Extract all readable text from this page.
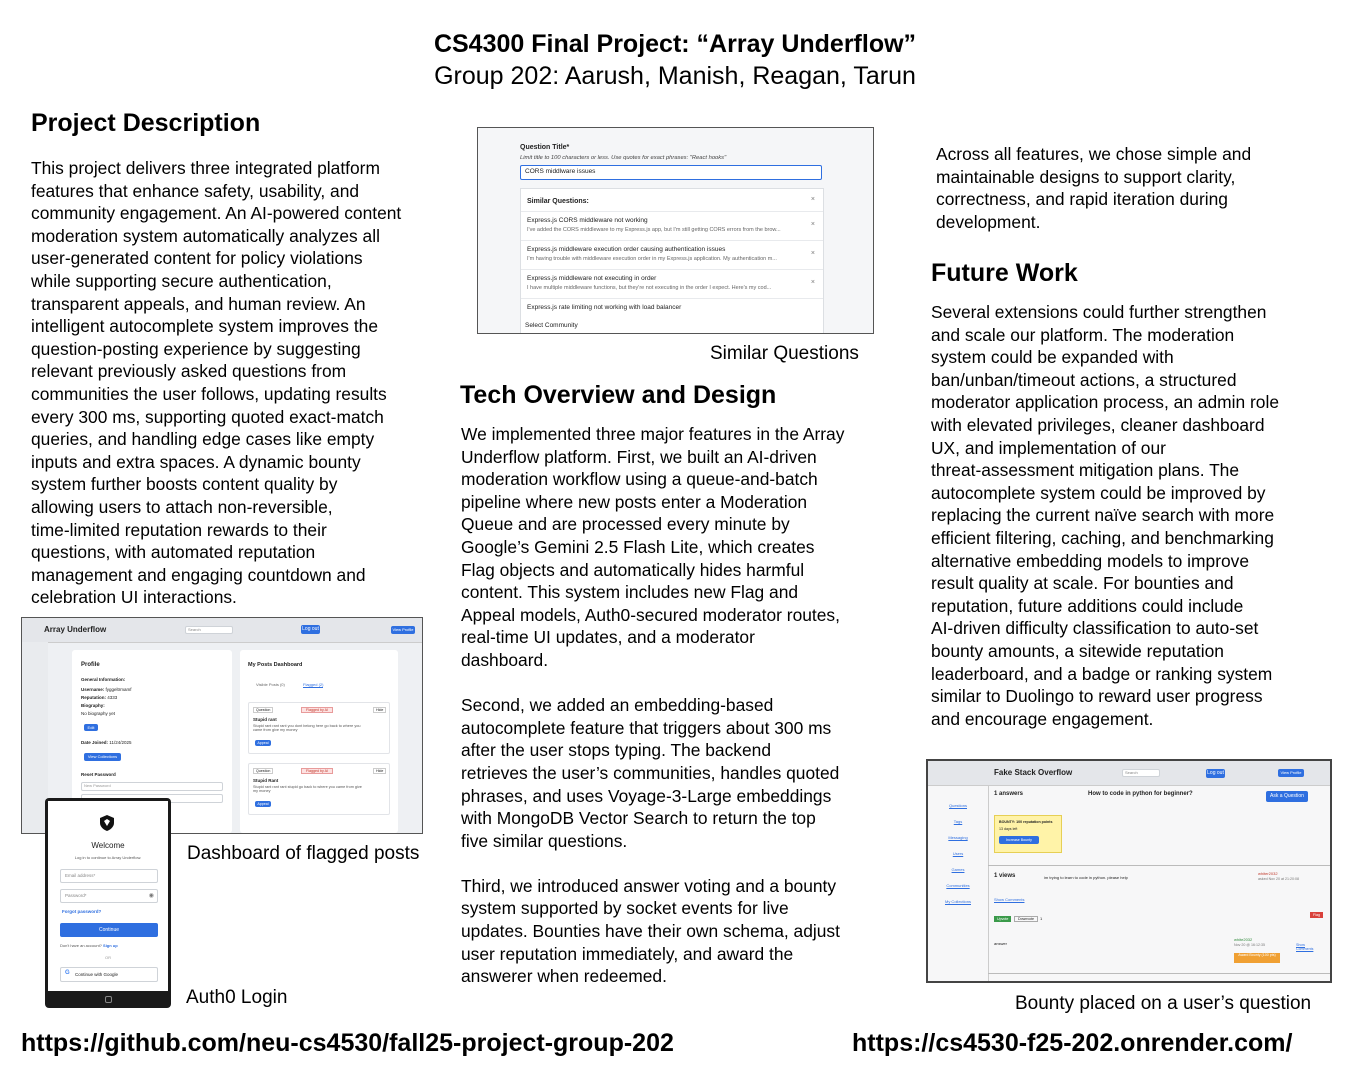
CS4300 Final Project: “Array Underflow”
Group 202: Aarush, Manish, Reagan, Tarun
Project Description
This project delivers three integrated platform
features that enhance safety, usability, and
community engagement. An AI-powered content
moderation system automatically analyzes all
user-generated content for policy violations
while supporting secure authentication,
transparent appeals, and human review. An
intelligent autocomplete system improves the
question-posting experience by suggesting
relevant previously asked questions from
communities the user follows, updating results
every 300 ms, supporting quoted exact-match
queries, and handling edge cases like empty
inputs and extra spaces. A dynamic bounty
system further boosts content quality by
allowing users to attach non-reversible,
time-limited reputation rewards to their
questions, with automated reputation
management and engaging countdown and
celebration UI interactions.
Question Title*
Limit title to 100 characters or less. Use quotes for exact phrases: "React hooks"
CORS middlware issues
Similar Questions:	×
Express.js CORS middleware not working
I've added the CORS middleware to my Express.js app, but I'm still getting CORS errors from the brow...
×
Express.js middleware execution order causing authentication issues
I'm having trouble with middleware execution order in my Express.js application. My authentication m...
×
Express.js middleware not executing in order
I have multiple middleware functions, but they're not executing in the order I expect. Here's my cod...
×
Express.js rate limiting not working with load balancer
Select Community
Similar Questions
Tech Overview and Design
We implemented three major features in the Array
Underflow platform. First, we built an AI-driven
moderation workflow using a queue-and-batch
pipeline where new posts enter a Moderation
Queue and are processed every minute by
Google’s Gemini 2.5 Flash Lite, which creates
Flag objects and automatically hides harmful
content. This system includes new Flag and
Appeal models, Auth0-secured moderator routes,
real-time UI updates, and a moderator
dashboard.
Second, we added an embedding-based
autocomplete feature that triggers about 300 ms
after the user stops typing. The backend
retrieves the user’s communities, handles quoted
phrases, and uses Voyage-3-Large embeddings
with MongoDB Vector Search to return the top
five similar questions.
Third, we introduced answer voting and a bounty
system supported by socket events for live
updates. Bounties have their own schema, adjust
user reputation immediately, and award the
answerer when redeemed.
Across all features, we chose simple and
maintainable designs to support clarity,
correctness, and rapid iteration during
development.
Future Work
Several extensions could further strengthen
and scale our platform. The moderation
system could be expanded with
ban/unban/timeout actions, a structured
moderator application process, an admin role
with elevated privileges, cleaner dashboard
UX, and implementation of our
threat-assessment mitigation plans. The
autocomplete system could be improved by
replacing the current naïve search with more
efficient filtering, caching, and benchmarking
alternative embedding models to improve
result quality at scale. For bounties and
reputation, future additions could include
AI-driven difficulty classification to auto-set
bounty amounts, a sitewide reputation
leaderboard, and a badge or ranking system
similar to Duolingo to reward user progress
and encourage engagement.
Array Underflow	Search	Log out	View Profile
Profile
General Information:
Username: fyggeltrmamf
Reputation: 4333
Biography:
No biography yet
Edit
Date Joined: 11/24/2025
View Collections
Reset Password
New Password
My Posts Dashboard
Visible Posts (0)	Flagged (2)
Question	Flagged by AI	Hide
Stupid rant
Stupid rant rant rant you dont belong here go back to where you came from give my money
Appeal
Question	Flagged by AI	Hide
Stupid Rant
Stupid rant rant rant stupid go back to where you came from give my money
Appeal
Dashboard of flagged posts
Welcome
Log in to continue to Array Underflow.
Email address*
Password*	◉
Forgot password?
Continue
Don't have an account? Sign up
OR
G Continue with Google
Auth0 Login
Fake Stack Overflow	Search	Log out	View Profile
Questions
Tags
Messaging
Users
Games
Communities
My Collections
1 answers	How to code in python for beginner?	Ask a Question
BOUNTY: 100 reputation points
13 days left
Increase Bounty
1 views	im trying to learn to code in python. please help
whiter2032
asked Nov 20 at 21:20:08
Show Comments
Upvote	Downvote	1
Flag
answer
white2032
Nov 20 @ 16:12:35	Show Comments
Award Bounty (100 pts)
Bounty placed on a user’s question
https://github.com/neu-cs4530/fall25-project-group-202	https://cs4530-f25-202.onrender.com/
